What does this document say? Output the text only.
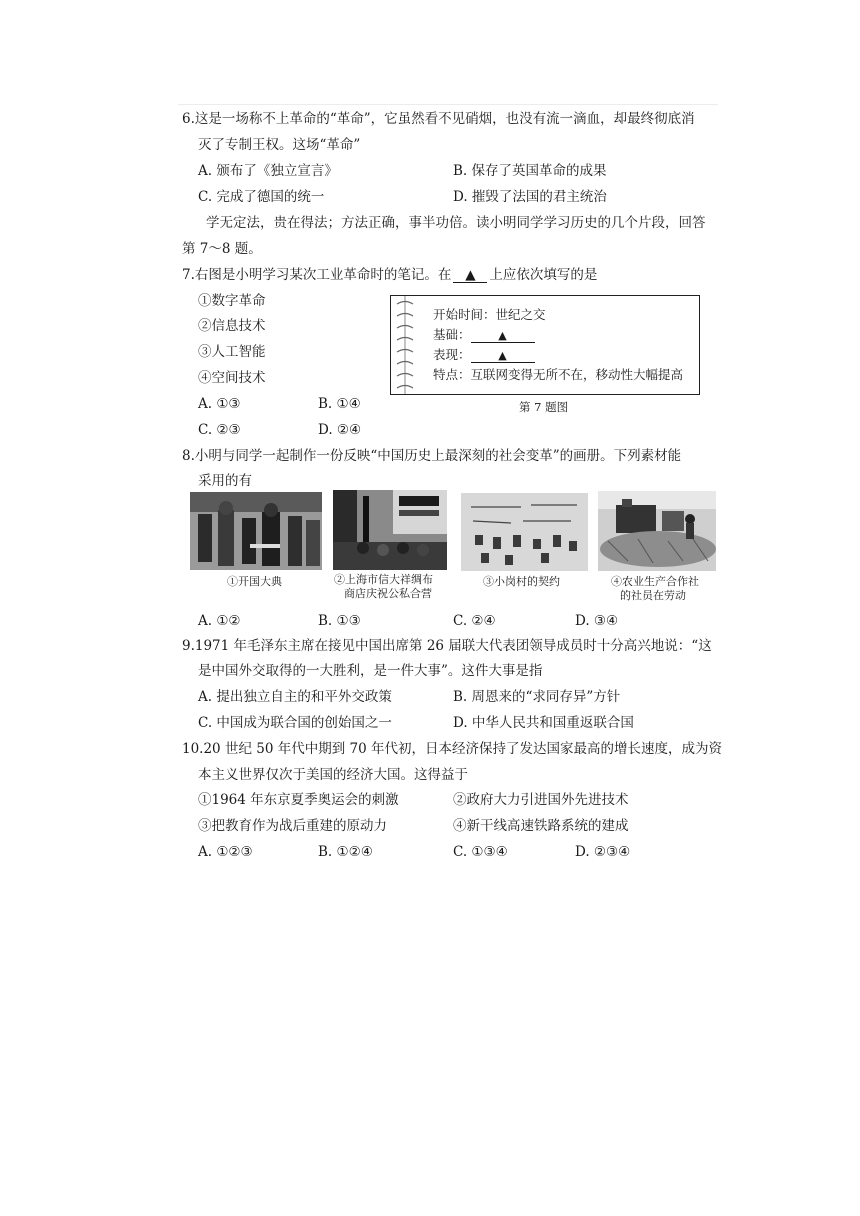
6.这是一场称不上革命的“革命”，它虽然看不见硝烟，也没有流一滴血，却最终彻底消
灭了专制王权。这场“革命”
A. 颁布了《独立宣言》	B. 保存了英国革命的成果
C. 完成了德国的统一	D. 摧毁了法国的君主统治
学无定法，贵在得法；方法正确，事半功倍。读小明同学学习历史的几个片段，回答
第 7～8 题。
7.右图是小明学习某次工业革命时的笔记。在 ▲ 上应依次填写的是
①数字革命
②信息技术
③人工智能
④空间技术
A. ①③	B. ①④
C. ②③	D. ②④
开始时间：世纪之交
基础：	▲
表现：	▲
特点：互联网变得无所不在，移动性大幅提高
第 7 题图
8.小明与同学一起制作一份反映“中国历史上最深刻的社会变革”的画册。下列素材能
采用的有
①开国大典	②上海市信大祥绸布
商店庆祝公私合营
③小岗村的契约	④农业生产合作社
的社员在劳动
A. ①②	B. ①③	C. ②④	D. ③④
9.1971 年毛泽东主席在接见中国出席第 26 届联大代表团领导成员时十分高兴地说：“这
是中国外交取得的一大胜利，是一件大事”。这件大事是指
A. 提出独立自主的和平外交政策	B. 周恩来的“求同存异”方针
C. 中国成为联合国的创始国之一	D. 中华人民共和国重返联合国
10.20 世纪 50 年代中期到 70 年代初，日本经济保持了发达国家最高的增长速度，成为资
本主义世界仅次于美国的经济大国。这得益于
①1964 年东京夏季奥运会的刺激	②政府大力引进国外先进技术
③把教育作为战后重建的原动力	④新干线高速铁路系统的建成
A. ①②③	B. ①②④	C. ①③④	D. ②③④
